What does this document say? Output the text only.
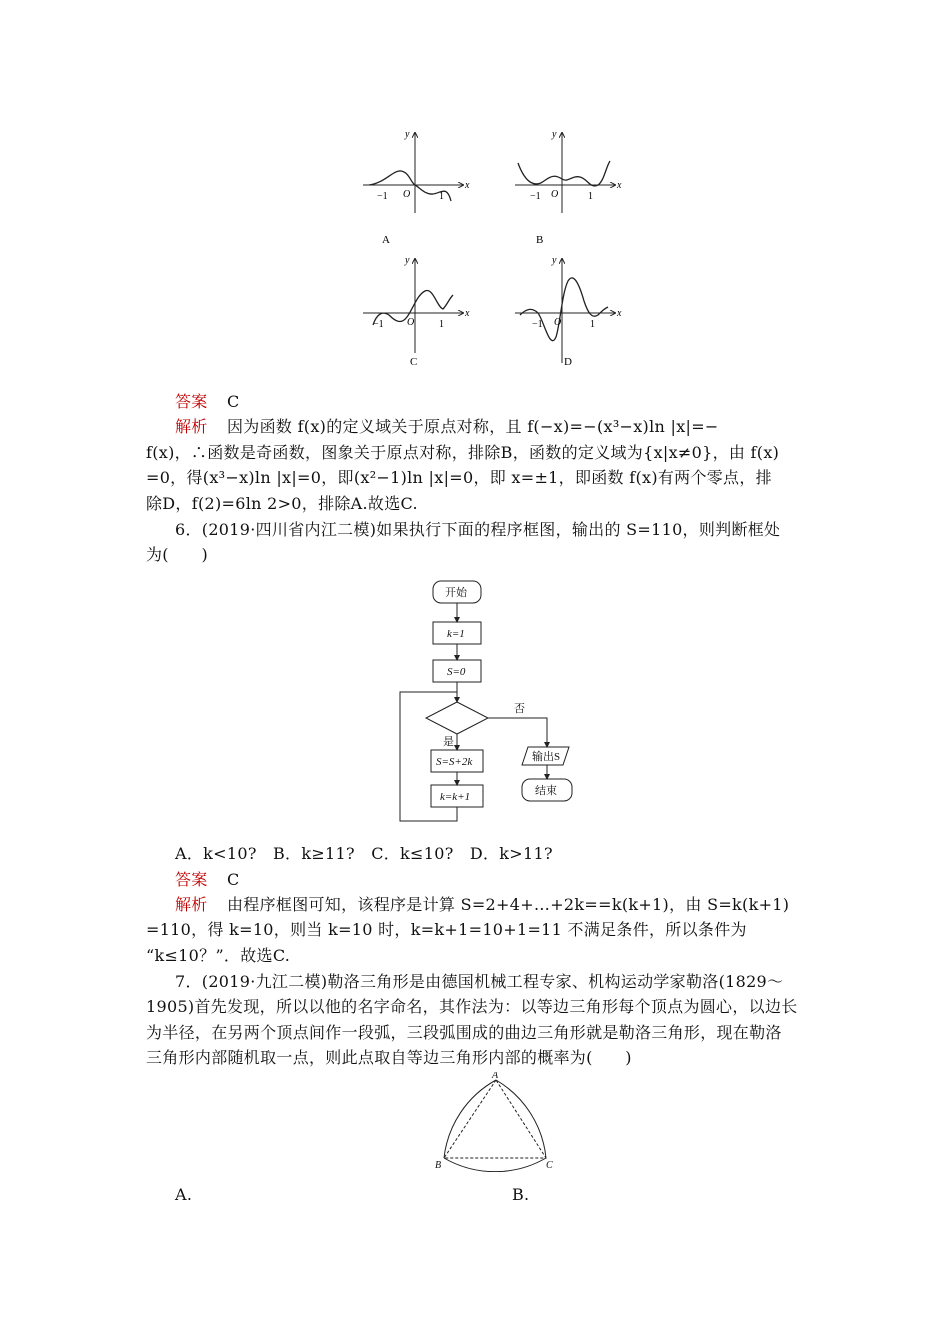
x
y
O
−1	1
A
x
y
O
−1	1
B
x
y
O
−1	1
C
x
y
O
−1	1
D
答案 C
解析 因为函数 f(x)的定义域关于原点对称，且 f(−x)=−(x³−x)ln |x|=−
f(x)，∴函数是奇函数，图象关于原点对称，排除B，函数的定义域为{x|x≠0}，由 f(x)
=0，得(x³−x)ln |x|=0，即(x²−1)ln |x|=0，即 x=±1，即函数 f(x)有两个零点，排
除D，f(2)=6ln 2>0，排除A.故选C.
6．(2019·四川省内江二模)如果执行下面的程序框图，输出的 S=110，则判断框处
为(　　)
开始
k=1
S=0
否
是
S=S+2k
k=k+1
输出S
结束
A．k<10?　B．k≥11?　C．k≤10?　D．k>11?
答案 C
解析 由程序框图可知，该程序是计算 S=2+4+…+2k==k(k+1)，由 S=k(k+1)
=110，得 k=10，则当 k=10 时，k=k+1=10+1=11 不满足条件，所以条件为
“k≤10？”．故选C.
7．(2019·九江二模)勒洛三角形是由德国机械工程专家、机构运动学家勒洛(1829～
1905)首先发现，所以以他的名字命名，其作法为：以等边三角形每个顶点为圆心，以边长
为半径，在另两个顶点间作一段弧，三段弧围成的曲边三角形就是勒洛三角形，现在勒洛
三角形内部随机取一点，则此点取自等边三角形内部的概率为(　　)
A
B	C
A.	B.
